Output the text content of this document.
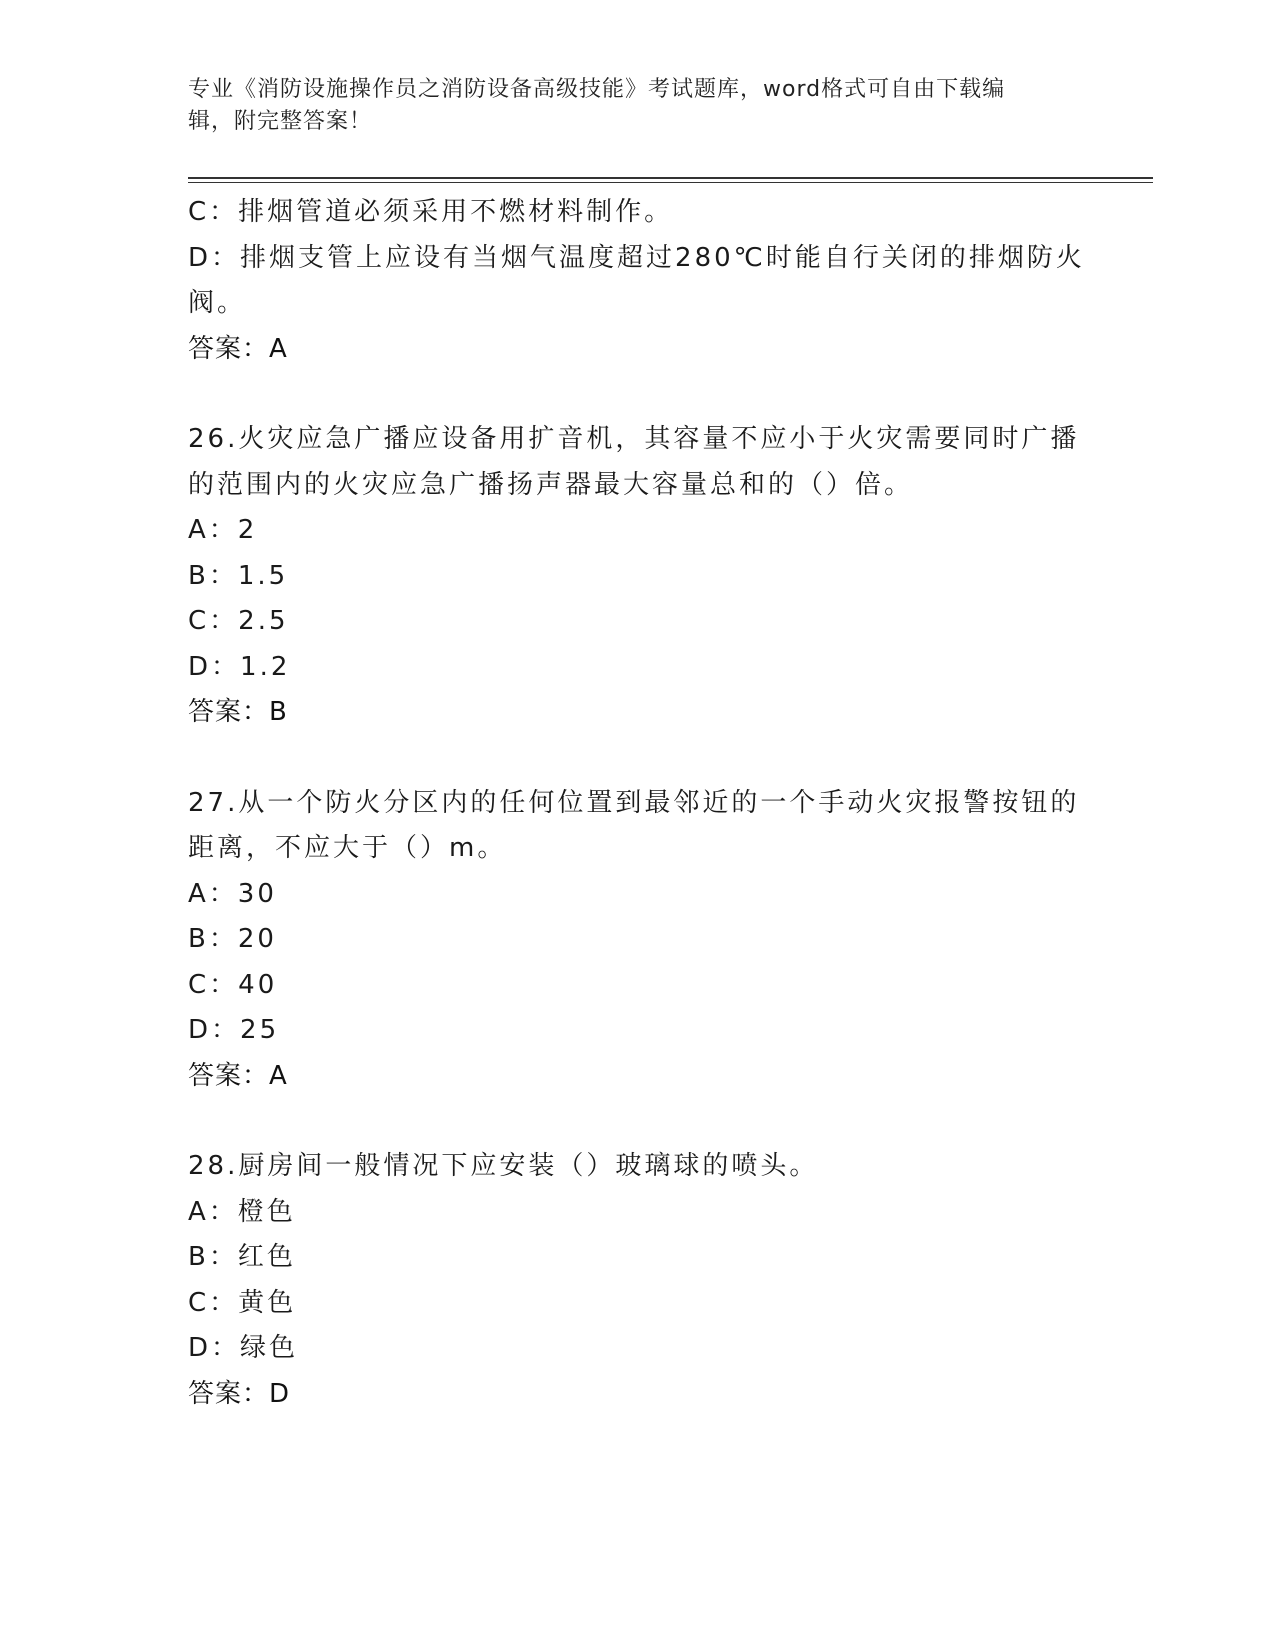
专业《消防设施操作员之消防设备高级技能》考试题库，word格式可自由下载编
辑，附完整答案！
C：排烟管道必须采用不燃材料制作。
D：排烟支管上应设有当烟气温度超过280℃时能自行关闭的排烟防火
阀。
答案：A
26.火灾应急广播应设备用扩音机，其容量不应小于火灾需要同时广播
的范围内的火灾应急广播扬声器最大容量总和的（）倍。
A：2
B：1.5
C：2.5
D：1.2
答案：B
27.从一个防火分区内的任何位置到最邻近的一个手动火灾报警按钮的
距离，不应大于（）m。
A：30
B：20
C：40
D：25
答案：A
28.厨房间一般情况下应安装（）玻璃球的喷头。
A：橙色
B：红色
C：黄色
D：绿色
答案：D
